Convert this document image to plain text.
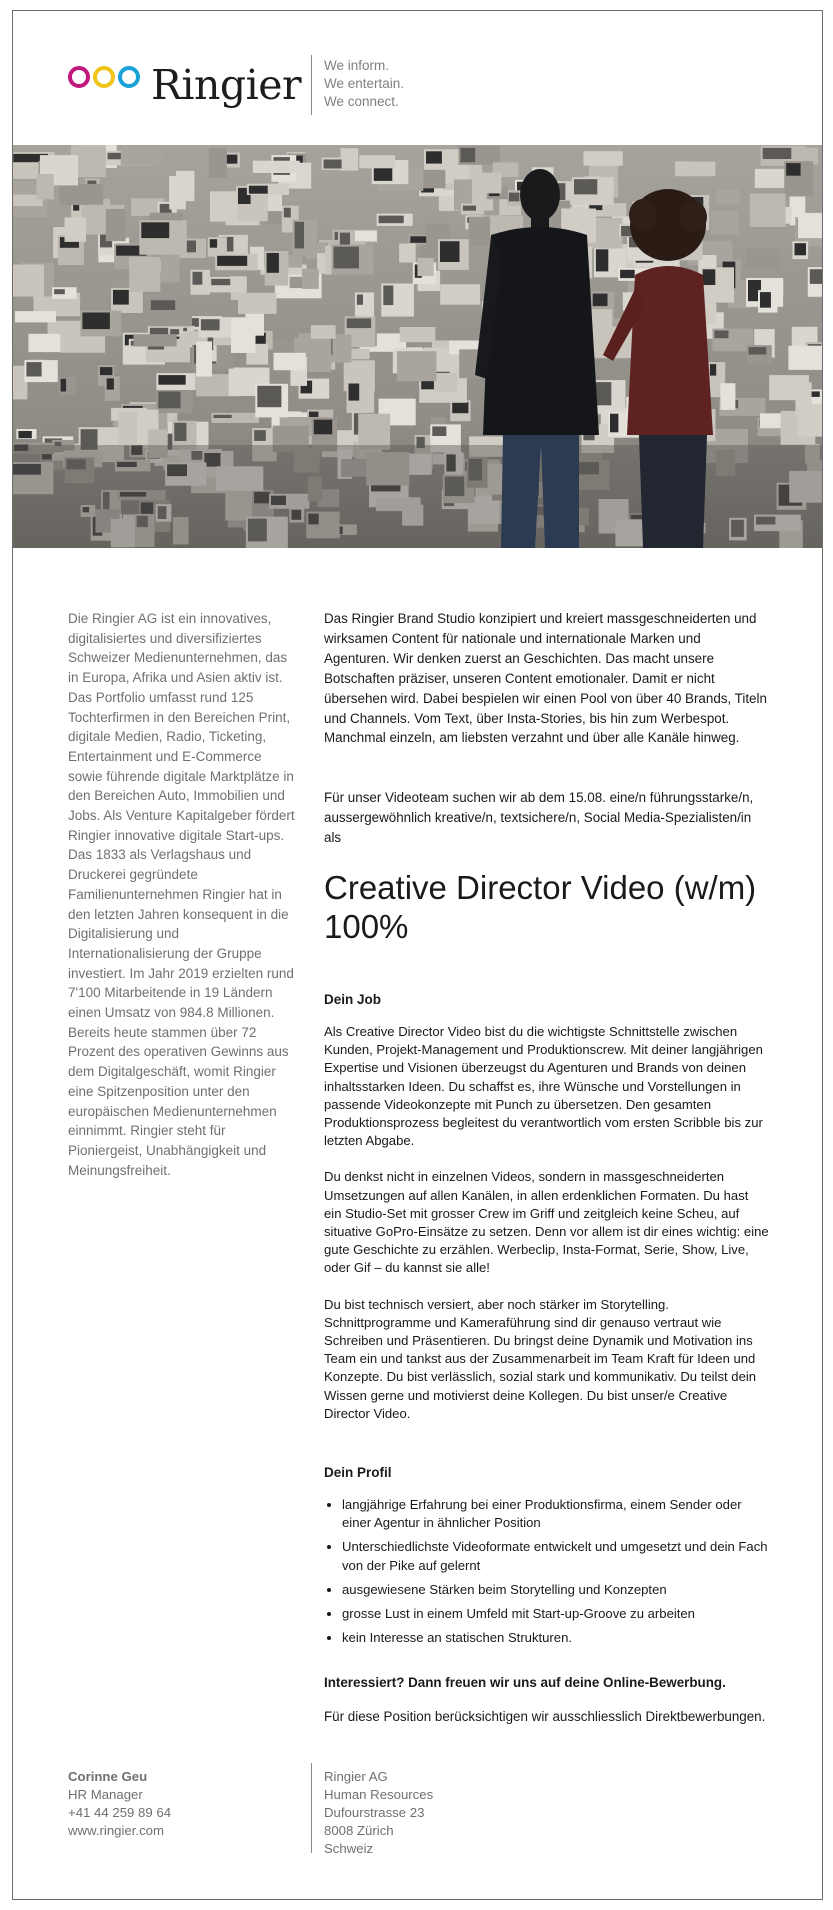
Ringier We inform.
We entertain.
We connect.
Die Ringier AG ist ein innovatives, digitalisiertes und diversifiziertes Schweizer Medienunternehmen, das in Europa, Afrika und Asien aktiv ist. Das Portfolio umfasst rund 125 Tochterfirmen in den Bereichen Print, digitale Medien, Radio, Ticketing, Entertainment und E-Commerce sowie führende digitale Marktplätze in den Bereichen Auto, Immobilien und Jobs. Als Venture Kapitalgeber fördert Ringier innovative digitale Start-ups. Das 1833 als Verlagshaus und Druckerei gegründete Familienunternehmen Ringier hat in den letzten Jahren konsequent in die Digitalisierung und Internationalisierung der Gruppe investiert. Im Jahr 2019 erzielten rund 7'100 Mitarbeitende in 19 Ländern einen Umsatz von 984.8 Millionen. Bereits heute stammen über 72 Prozent des operativen Gewinns aus dem Digitalgeschäft, womit Ringier eine Spitzenposition unter den europäischen Medienunternehmen einnimmt. Ringier steht für Pioniergeist, Unabhängigkeit und Meinungsfreiheit.

Das Ringier Brand Studio konzipiert und kreiert massgeschneiderten und wirksamen Content für nationale und internationale Marken und Agenturen. Wir denken zuerst an Geschichten. Das macht unsere Botschaften präziser, unseren Content emotionaler. Damit er nicht übersehen wird. Dabei bespielen wir einen Pool von über 40 Brands, Titeln und Channels. Vom Text, über Insta-Stories, bis hin zum Werbespot. Manchmal einzeln, am liebsten verzahnt und über alle Kanäle hinweg.

Für unser Videoteam suchen wir ab dem 15.08. eine/n führungsstarke/n, aussergewöhnlich kreative/n, textsichere/n, Social Media-Spezialisten/in als

Creative Director Video (w/m) 100%

Dein Job

Als Creative Director Video bist du die wichtigste Schnittstelle zwischen Kunden, Projekt-Management und Produktionscrew. Mit deiner langjährigen Expertise und Visionen überzeugst du Agenturen und Brands von deinen inhaltsstarken Ideen. Du schaffst es, ihre Wünsche und Vorstellungen in passende Videokonzepte mit Punch zu übersetzen. Den gesamten Produktionsprozess begleitest du verantwortlich vom ersten Scribble bis zur letzten Abgabe.

Du denkst nicht in einzelnen Videos, sondern in massgeschneiderten Umsetzungen auf allen Kanälen, in allen erdenklichen Formaten. Du hast ein Studio-Set mit grosser Crew im Griff und zeitgleich keine Scheu, auf situative GoPro-Einsätze zu setzen. Denn vor allem ist dir eines wichtig: eine gute Geschichte zu erzählen. Werbeclip, Insta-Format, Serie, Show, Live, oder Gif – du kannst sie alle!

Du bist technisch versiert, aber noch stärker im Storytelling. Schnittprogramme und Kameraführung sind dir genauso vertraut wie Schreiben und Präsentieren. Du bringst deine Dynamik und Motivation ins Team ein und tankst aus der Zusammenarbeit im Team Kraft für Ideen und Konzepte. Du bist verlässlich, sozial stark und kommunikativ. Du teilst dein Wissen gerne und motivierst deine Kollegen. Du bist unser/e Creative Director Video.

Dein Profil

• langjährige Erfahrung bei einer Produktionsfirma, einem Sender oder einer Agentur in ähnlicher Position
• Unterschiedlichste Videoformate entwickelt und umgesetzt und dein Fach von der Pike auf gelernt
• ausgewiesene Stärken beim Storytelling und Konzepten
• grosse Lust in einem Umfeld mit Start-up-Groove zu arbeiten
• kein Interesse an statischen Strukturen.

Interessiert? Dann freuen wir uns auf deine Online-Bewerbung.

Für diese Position berücksichtigen wir ausschliesslich Direktbewerbungen.

Corinne Geu
HR Manager
+41 44 259 89 64
www.ringier.com
Ringier AG
Human Resources
Dufourstrasse 23
8008 Zürich
Schweiz
